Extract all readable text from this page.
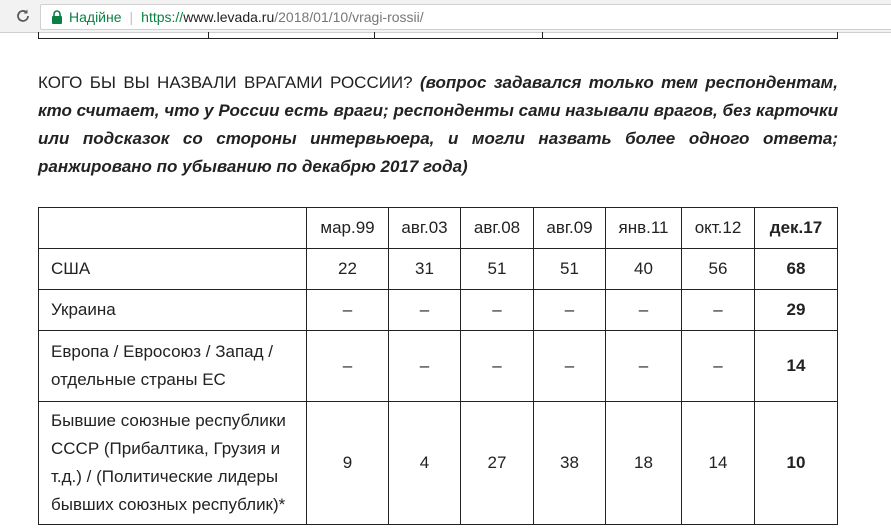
Надійне | https:// www.levada.ru /2018/01/10/vragi-rossii/
КОГО БЫ ВЫ НАЗВАЛИ ВРАГАМИ РОССИИ? (вопрос задавался только тем респондентам, кто считает, что у России есть враги; респонденты сами называли врагов, без карточки или подсказок со стороны интервьюера, и могли назвать более одного ответа; ранжировано по убыванию по декабрю 2017 года)
	мар.99	авг.03	авг.08	авг.09	янв.11	окт.12	дек.17
США	22	31	51	51	40	56	68
Украина	–	–	–	–	–	–	29
Европа / Евросоюз / Запад / отдельные страны ЕС	–	–	–	–	–	–	14
Бывшие союзные республики СССР (Прибалтика, Грузия и т.д.) / (Политические лидеры бывших союзных республик)*	9	4	27	38	18	14	10
